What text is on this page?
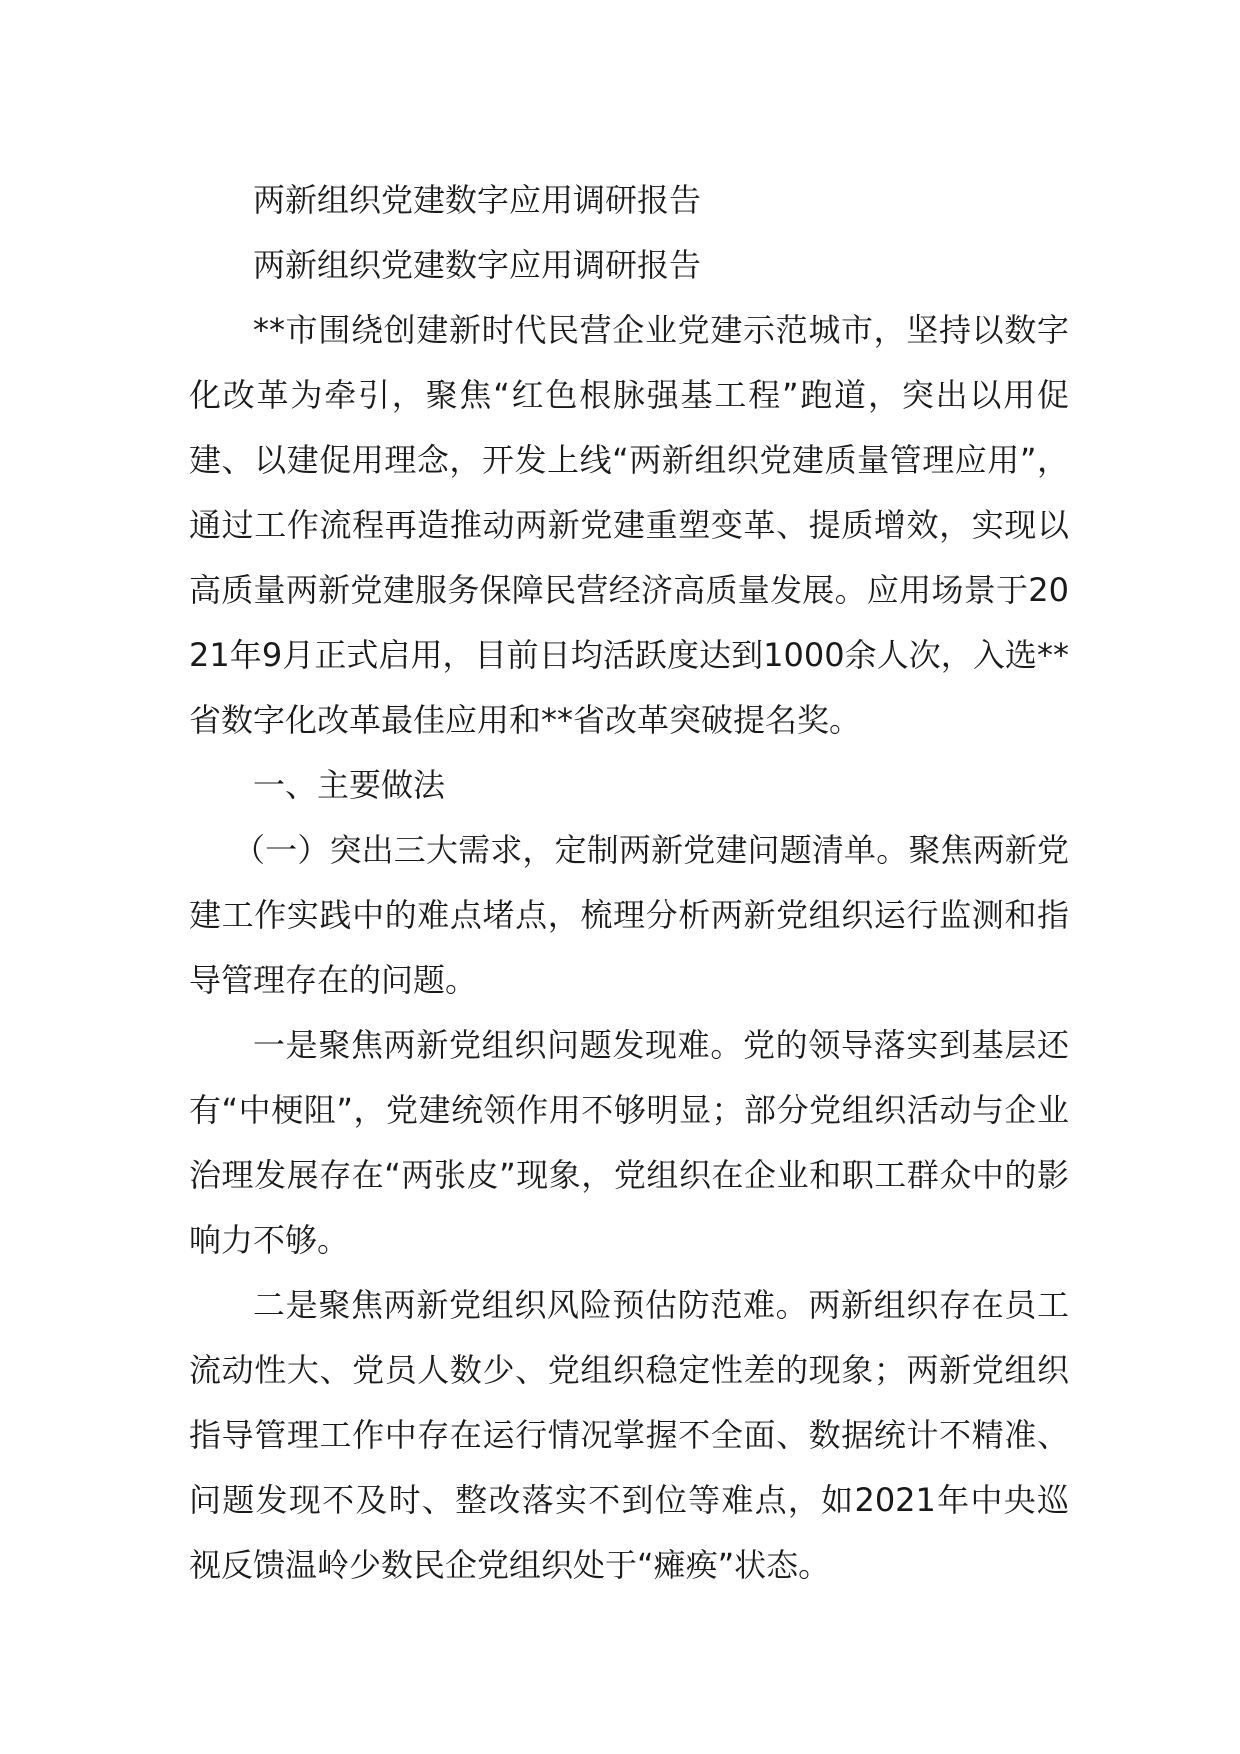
两新组织党建数字应用调研报告

两新组织党建数字应用调研报告

**市围绕创建新时代民营企业党建示范城市，坚持以数字化改革为牵引，聚焦“红色根脉强基工程”跑道，突出以用促建、以建促用理念，开发上线“两新组织党建质量管理应用”，通过工作流程再造推动两新党建重塑变革、提质增效，实现以高质量两新党建服务保障民营经济高质量发展。应用场景于2021年9月正式启用，目前日均活跃度达到1000余人次，入选**省数字化改革最佳应用和**省改革突破提名奖。

一、主要做法

（一）突出三大需求，定制两新党建问题清单。聚焦两新党建工作实践中的难点堵点，梳理分析两新党组织运行监测和指导管理存在的问题。

一是聚焦两新党组织问题发现难。党的领导落实到基层还有“中梗阻”，党建统领作用不够明显；部分党组织活动与企业治理发展存在“两张皮”现象，党组织在企业和职工群众中的影响力不够。

二是聚焦两新党组织风险预估防范难。两新组织存在员工流动性大、党员人数少、党组织稳定性差的现象；两新党组织指导管理工作中存在运行情况掌握不全面、数据统计不精准、问题发现不及时、整改落实不到位等难点，如2021年中央巡视反馈温岭少数民企党组织处于“瘫痪”状态。
